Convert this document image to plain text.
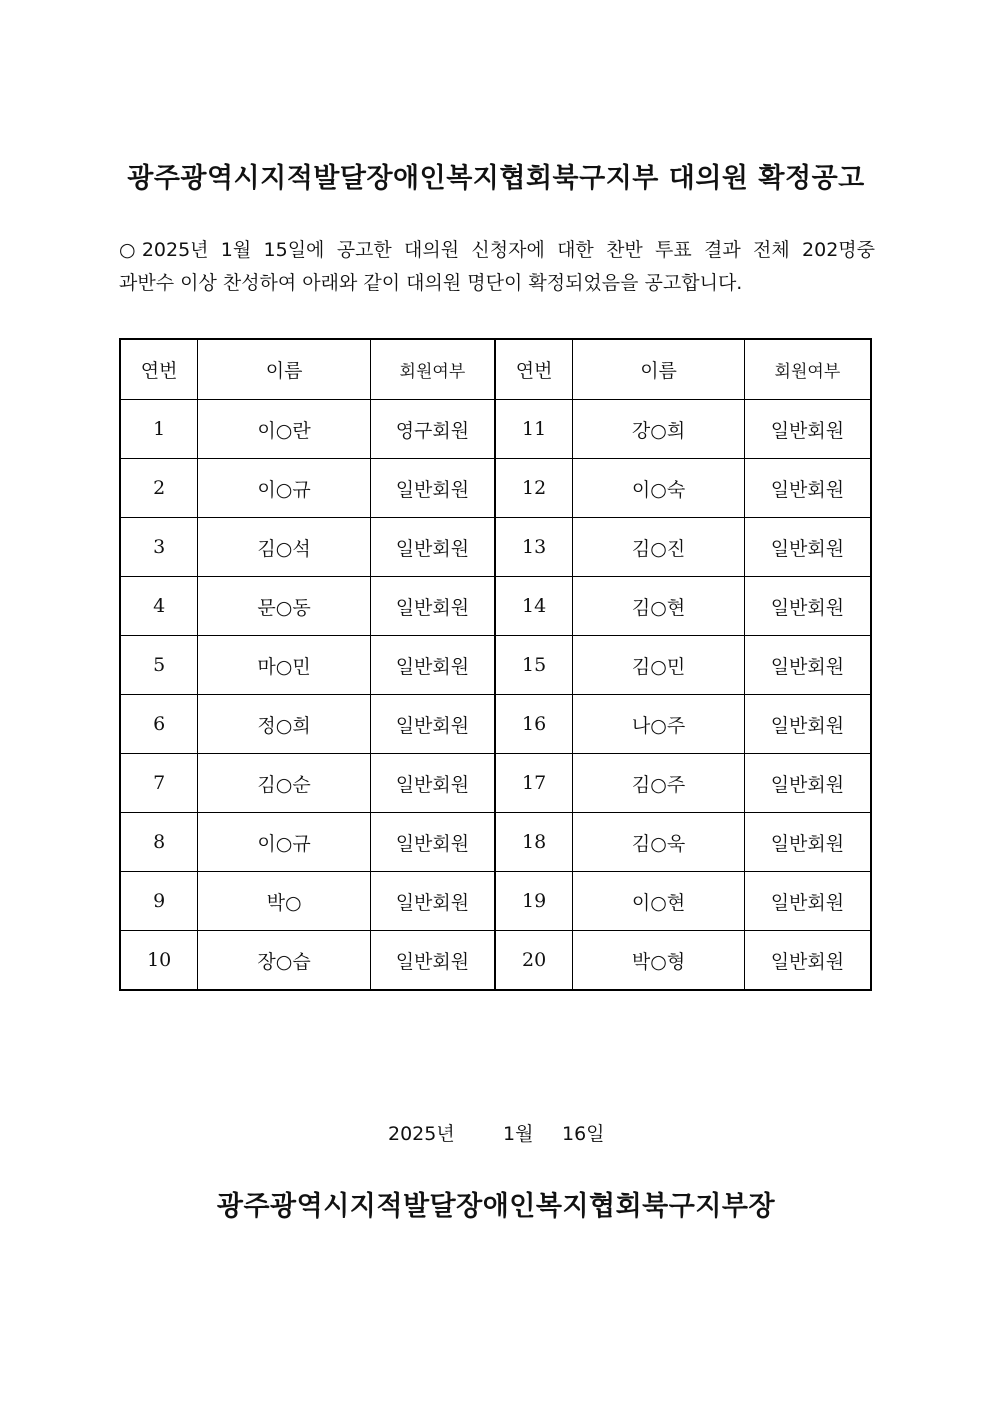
광주광역시지적발달장애인복지협회북구지부 대의원 확정공고
○2025년 1월 15일에 공고한 대의원 신청자에 대한 찬반 투표 결과 전체 202명중
과반수 이상 찬성하여 아래와 같이 대의원 명단이 확정되었음을 공고합니다.
연번	이름	회원여부	연번	이름	회원여부
1	이○란	영구회원	11	강○희	일반회원
2	이○규	일반회원	12	이○숙	일반회원
3	김○석	일반회원	13	김○진	일반회원
4	문○동	일반회원	14	김○현	일반회원
5	마○민	일반회원	15	김○민	일반회원
6	정○희	일반회원	16	나○주	일반회원
7	김○순	일반회원	17	김○주	일반회원
8	이○규	일반회원	18	김○욱	일반회원
9	박○	일반회원	19	이○현	일반회원
10	장○습	일반회원	20	박○형	일반회원
2025년	1월 16일
광주광역시지적발달장애인복지협회북구지부장
